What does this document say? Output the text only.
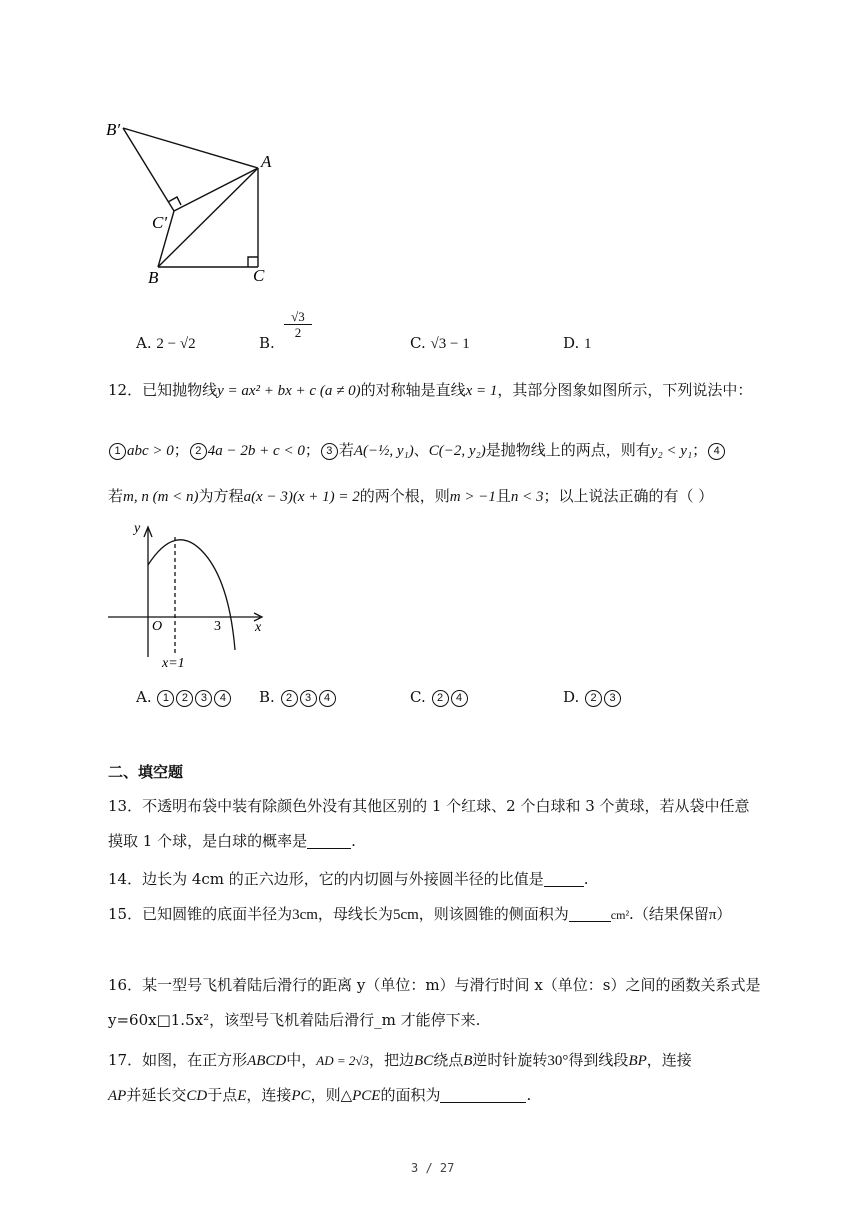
B′
A
C′
B	C
A. 2 − √2	B.
√3
2
C. √3 − 1	D. 1
12．已知抛物线y = ax² + bx + c (a ≠ 0)的对称轴是直线x = 1，其部分图象如图所示，下列说法中：
1 abc > 0； 2 4a − 2b + c < 0； 3 若A(−½, y₁)、C(−2, y₂)是抛物线上的两点，则有y₂ < y₁； 4
若m, n (m < n)为方程a(x − 3)(x + 1) = 2的两个根，则m > −1且n < 3；以上说法正确的有（ ）
y
x
O	3
x=1
A. 1 2 3 4	B. 2 3 4	C. 2 4	D. 2 3
二、填空题
13．不透明布袋中装有除颜色外没有其他区别的 1 个红球、2 个白球和 3 个黄球，若从袋中任意
摸取 1 个球，是白球的概率是	.
14．边长为 4cm 的正六边形，它的内切圆与外接圆半径的比值是	.
15．已知圆锥的底面半径为3cm，母线长为5cm，则该圆锥的侧面积为	cm².（结果保留π）
16．某一型号飞机着陆后滑行的距离 y（单位：m）与滑行时间 x（单位：s）之间的函数关系式是
y=60x□1.5x²，该型号飞机着陆后滑行_m 才能停下来.
17．如图，在正方形ABCD中，AD = 2√3，把边BC绕点B逆时针旋转30°得到线段BP，连接
AP并延长交CD于点E，连接PC，则△PCE的面积为	.
3 / 27
